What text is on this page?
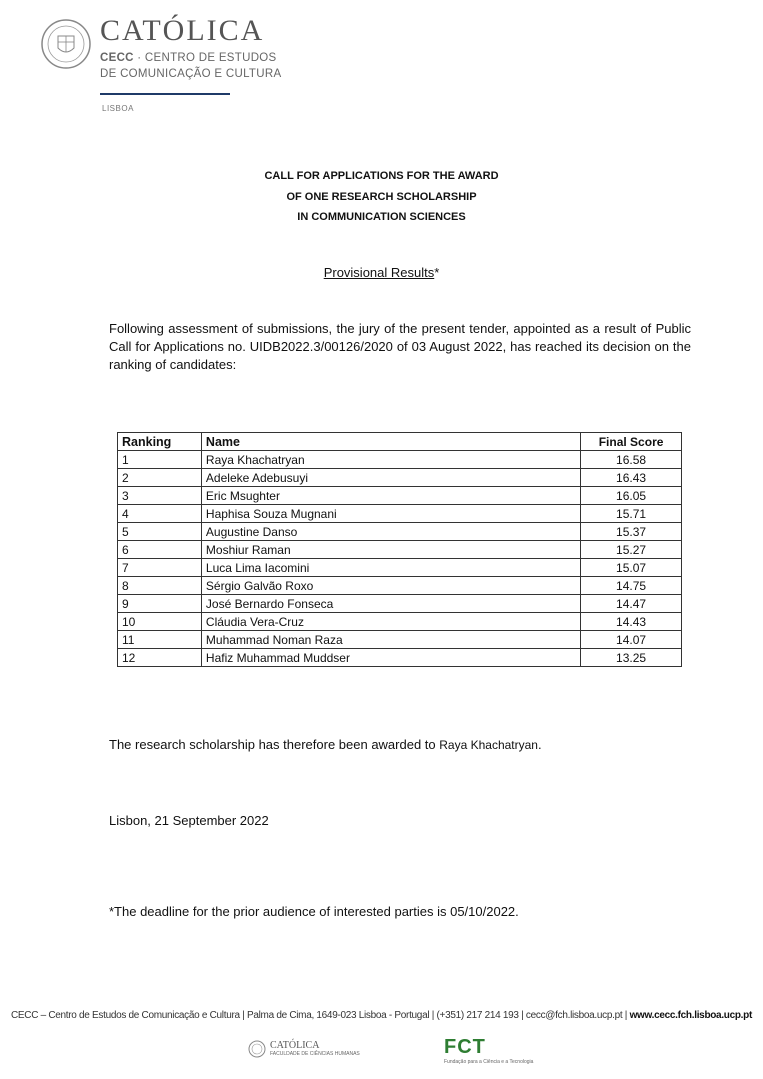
CATÓLICA
CECC · CENTRO DE ESTUDOS
DE COMUNICAÇÃO E CULTURA
LISBOA
CALL FOR APPLICATIONS FOR THE AWARD
OF ONE RESEARCH SCHOLARSHIP
IN COMMUNICATION SCIENCES
Provisional Results*
Following assessment of submissions, the jury of the present tender, appointed as a result of Public Call for Applications no. UIDB2022.3/00126/2020 of 03 August 2022, has reached its decision on the ranking of candidates:
Ranking	Name	Final Score
1	Raya Khachatryan	16.58
2	Adeleke Adebusuyi	16.43
3	Eric Msughter	16.05
4	Haphisa Souza Mugnani	15.71
5	Augustine Danso	15.37
6	Moshiur Raman	15.27
7	Luca Lima Iacomini	15.07
8	Sérgio Galvão Roxo	14.75
9	José Bernardo Fonseca	14.47
10	Cláudia Vera-Cruz	14.43
11	Muhammad Noman Raza	14.07
12	Hafiz Muhammad Muddser	13.25
The research scholarship has therefore been awarded to Raya Khachatryan.
Lisbon, 21 September 2022
*The deadline for the prior audience of interested parties is 05/10/2022.
CECC – Centro de Estudos de Comunicação e Cultura | Palma de Cima, 1649-023 Lisboa - Portugal | (+351) 217 214 193 | cecc@fch.lisboa.ucp.pt | www.cecc.fch.lisboa.ucp.pt
CATÓLICA
FACULDADE DE CIÊNCIAS HUMANAS	FCT
Fundação para a Ciência e a Tecnologia
